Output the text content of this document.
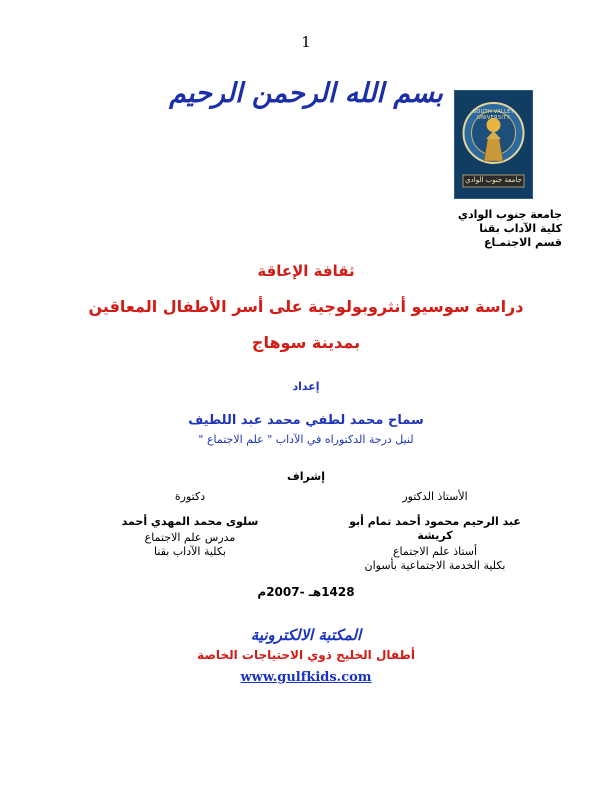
1
بسم الله الرحمن الرحيم
SOUTH VALLEY UNIVERSITY
جامعة جنوب الوادي
جامعة جنوب الوادي
كلية الآداب بقنا
قسم الاجتمـاع
ثقافة الإعاقة
دراسة سوسيو أنثروبولوجية على أسر الأطفال المعاقين
بمدينة سوهاج
إعداد
سماح محمد لطفي محمد عبد اللطيف
لنيل درجة الدكتوراه في الآداب " علم الاجتماع "
إشراف
الأستاذ الدكتور
عبد الرحيم محمود أحمد تمام أبو كريشة
أستاذ علم الاجتماع
بكلية الخدمة الاجتماعية بأسوان
دكتورة
سلوى محمد المهدي أحمد
مدرس علم الاجتماع
بكلية الآداب بقنا
1428هـ -2007م
المكتبة الالكترونية
أطفال الخليج ذوي الاحتياجات الخاصة
www.gulfkids.com
